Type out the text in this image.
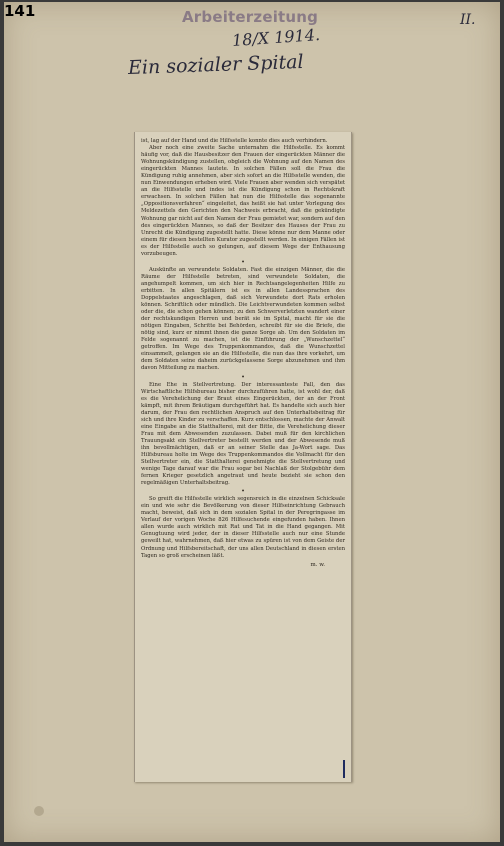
Arbeiterzeitung	II.
18/X 1914.
141
Ein sozialer Spital

ist, lag auf der Hand und die Hilfsstelle konnte dies auch verhindern.

Aber noch eine zweite Sache unternahm die Hilfsstelle. Es kommt häufig vor, daß die Hausbesitzer den Frauen der eingerückten Männer die Wohnungskündigung zustellen, obgleich die Wohnung auf den Namen des eingerückten Mannes lautete. In solchen Fällen soll die Frau die Kündigung ruhig annehmen, aber sich sofort an die Hilfsstelle wenden, die nun Einwendungen erheben wird. Viele Frauen aber wenden sich verspätet an die Hilfsstelle und indes ist die Kündigung schon in Rechtskraft erwachsen. In solchen Fällen hat nun die Hilfsstelle das sogenannte „Oppositionsverfahren“ eingeleitet, das heißt sie hat unter Vorlegung des Meldezettels den Gerichten den Nachweis erbracht, daß die gekündigte Wohnung gar nicht auf den Namen der Frau gemietet war, sondern auf den des eingerückten Mannes, so daß der Besitzer des Hauses der Frau zu Unrecht die Kündigung zugestellt hatte. Diese könne nur dem Manne oder einem für diesen bestellten Kurator zugestellt werden. In einigen Fällen ist es der Hilfsstelle auch so gelungen, auf diesem Wege der Enthausung vorzubeugen.

•

Auskünfte an verwundete Soldaten. Fast die einzigen Männer, die die Räume der Hilfsstelle betreten, sind verwundete Soldaten, die angehumpelt kommen, um sich hier in Rechtsangelegenheiten Hilfe zu erbitten. In allen Spitälern ist es in allen Landessprachen des Doppelstaates angeschlagen, daß sich Verwundete dort Rats erholen können. Schriftlich oder mündlich. Die Leichtverwundeten kommen selbst oder die, die schon gehen können; zu den Schwerverletzten wandert einer der rechtskundigen Herren und berät sie im Spital, macht für sie die nötigen Eingaben, Schritte bei Behörden, schreibt für sie die Briefe, die nötig sind, kurz er nimmt ihnen die ganze Sorge ab. Um den Soldaten im Felde sogenannt zu machen, ist die Einführung der „Wunschzettel“ getroffen. Im Wege des Truppenkommandos, daß die Wunschzettel einsammelt, gelangen sie an die Hilfsstelle, die nun das ihre vorkehrt, um dem Soldaten seine daheim zurückgelassene Sorge abzunehmen und ihm davon Mitteilung zu machen.

•

Eine Ehe in Stellvertretung. Der interessanteste Fall, den das Wirtschaftliche Hilfsbureau bisher durchzuführen hatte, ist wohl der, daß es die Verehelichung der Braut eines Eingerückten, der an der Front kämpft, mit ihrem Bräutigam durchgeführt hat. Es handelte sich auch hier darum, der Frau den rechtlichen Anspruch auf den Unterhaltsbeitrag für sich und ihre Kinder zu verschaffen. Kurz entschlossen, machte der Anwalt eine Eingabe an die Statthalterei, mit der Bitte, die Verehelichung dieser Frau mit dem Abwesenden zuzulassen. Dabei muß für den kirchlichen Trauungsakt ein Stellvertreter bestellt werden und der Abwesende muß ihn bevollmächtigen, daß er an seiner Stelle das Ja-Wort sage. Das Hilfsbureau holte im Wege des Truppenkommandos die Vollmacht für den Stellvertreter ein, die Statthalterei genehmigte die Stellvertretung und wenige Tage darauf war die Frau sogar bei Nachlaß der Stolgebühr dem fernen Krieger gesetzlich angetraut und heute bezieht sie schon den regelmäßigen Unterhaltsbeitrag.

•

So greift die Hilfsstelle wirklich segensreich in die einzelnen Schicksale ein und wie sehr die Bevölkerung von dieser Hilfseinrichtung Gebrauch macht, beweist, daß sich in dem sozialen Spital in der Peregringasse im Verlauf der vorigen Woche 826 Hilfesuchende eingefunden haben. Ihnen allen wurde auch wirklich mit Rat und Tat in die Hand gegangen. Mit Genugtuung wird jeder, der in dieser Hilfsstelle auch nur eine Stunde geweilt hat, wahrnehmen, daß hier etwas zu spüren ist von dem Geiste der Ordnung und Hilfsbereitschaft, der uns allen Deutschland in diesen ersten Tagen so groß erscheinen läßt.

m. w.
